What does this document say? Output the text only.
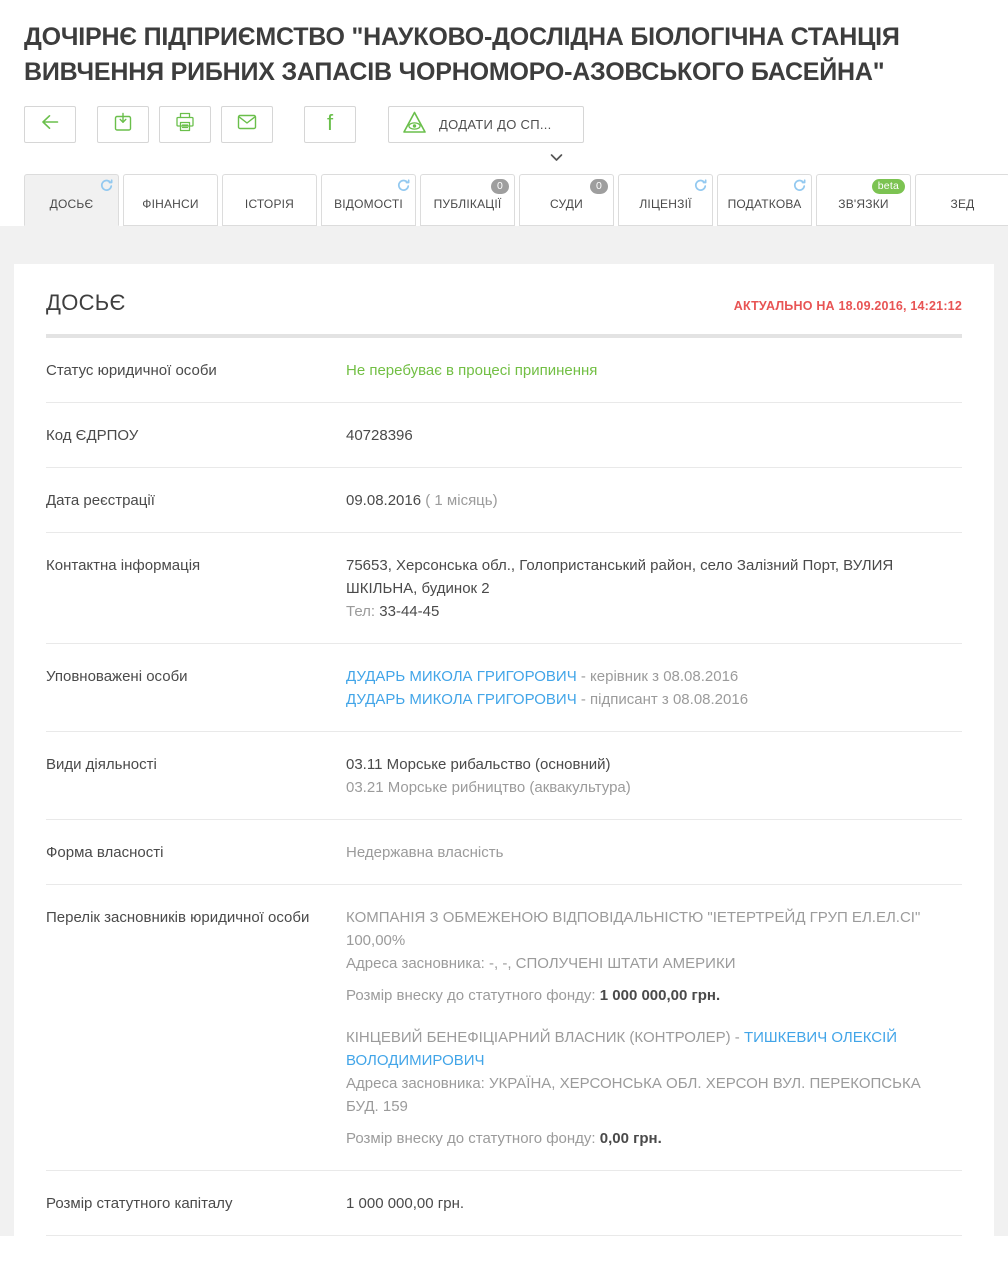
ДОЧІРНЄ ПІДПРИЄМСТВО "НАУКОВО-ДОСЛІДНА БІОЛОГІЧНА СТАНЦІЯ ВИВЧЕННЯ РИБНИХ ЗАПАСІВ ЧОРНОМОРО-АЗОВСЬКОГО БАСЕЙНА"
f	ДОДАТИ ДО СП...
ДОСЬЄ	ФІНАНСИ	ІСТОРІЯ	ВІДОМОСТІ
0
ПУБЛІКАЦІЇ
0
СУДИ	ЛІЦЕНЗІЇ	ПОДАТКОВА
beta
ЗВ'ЯЗКИ	ЗЕД
ДОСЬЄ	АКТУАЛЬНО НА 18.09.2016, 14:21:12
Статус юридичної особи	Не перебуває в процесі припинення
Код ЄДРПОУ	40728396
Дата реєстрації	09.08.2016 ( 1 місяць)
Контактна інформація	75653, Херсонська обл., Голопристанський район, село Залізний Порт, ВУЛИЯ ШКІЛЬНА, будинок 2
Тел: 33-44-45
Уповноважені особи	ДУДАРЬ МИКОЛА ГРИГОРОВИЧ - керівник з 08.08.2016
ДУДАРЬ МИКОЛА ГРИГОРОВИЧ - підписант з 08.08.2016
Види діяльності	03.11 Морське рибальство (основний)
03.21 Морське рибництво (аквакультура)
Форма власності	Недержавна власність
Перелік засновників юридичної особи	КОМПАНІЯ З ОБМЕЖЕНОЮ ВІДПОВІДАЛЬНІСТЮ "ІЕТЕРТРЕЙД ГРУП ЕЛ.ЕЛ.СІ" 100,00%
Адреса засновника: -, -, СПОЛУЧЕНІ ШТАТИ АМЕРИКИ
Розмір внеску до статутного фонду: 1 000 000,00 грн.
КІНЦЕВИЙ БЕНЕФІЦІАРНИЙ ВЛАСНИК (КОНТРОЛЕР) - ТИШКЕВИЧ ОЛЕКСІЙ ВОЛОДИМИРОВИЧ
Адреса засновника: УКРАЇНА, ХЕРСОНСЬКА ОБЛ. ХЕРСОН ВУЛ. ПЕРЕКОПСЬКА БУД. 159
Розмір внеску до статутного фонду: 0,00 грн.
Розмір статутного капіталу	1 000 000,00 грн.
